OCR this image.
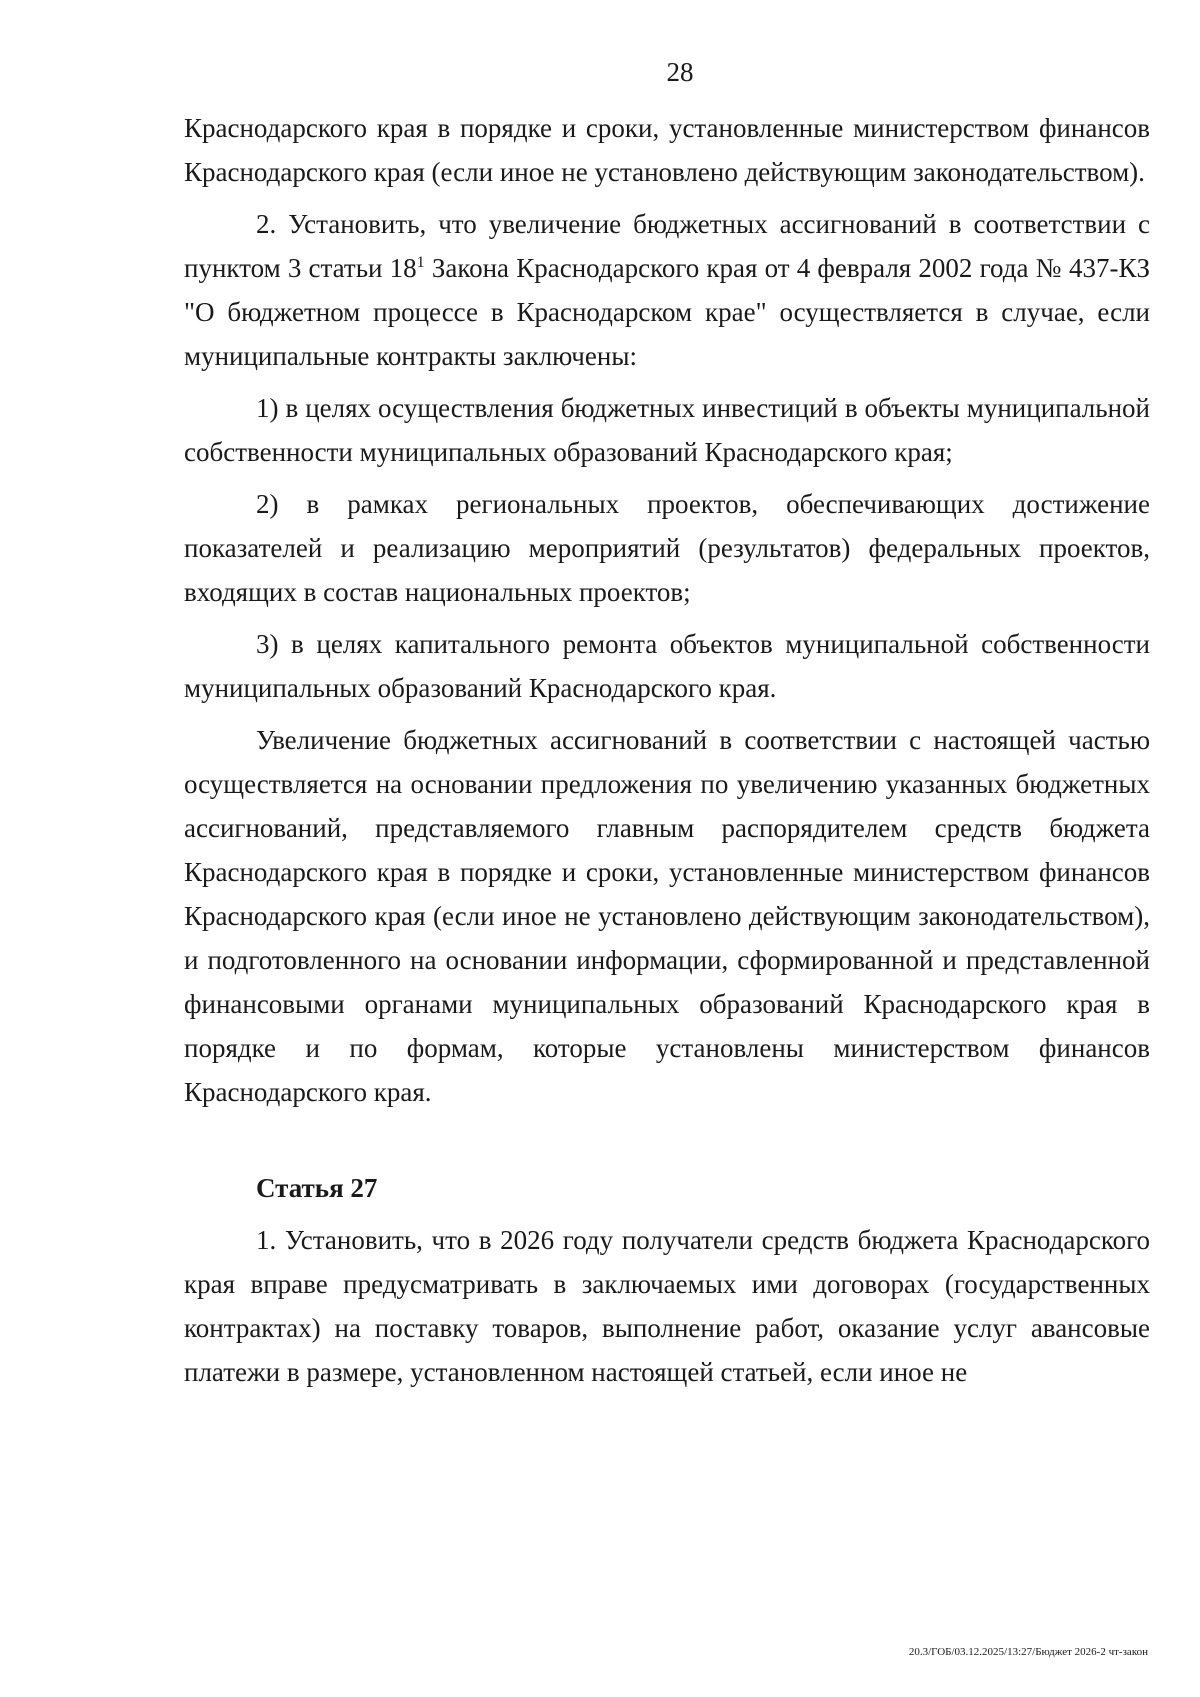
28

Краснодарского края в порядке и сроки, установленные министерством финансов Краснодарского края (если иное не установлено действующим законодательством).

2. Установить, что увеличение бюджетных ассигнований в соответствии с пунктом 3 статьи $18^1$ Закона Краснодарского края от 4 февраля 2002 года № 437-КЗ "О бюджетном процессе в Краснодарском крае" осуществляется в случае, если муниципальные контракты заключены:

1) в целях осуществления бюджетных инвестиций в объекты муниципальной собственности муниципальных образований Краснодарского края;

2) в рамках региональных проектов, обеспечивающих достижение показателей и реализацию мероприятий (результатов) федеральных проектов, входящих в состав национальных проектов;

3) в целях капитального ремонта объектов муниципальной собственности муниципальных образований Краснодарского края.

Увеличение бюджетных ассигнований в соответствии с настоящей частью осуществляется на основании предложения по увеличению указанных бюджетных ассигнований, представляемого главным распорядителем средств бюджета Краснодарского края в порядке и сроки, установленные министерством финансов Краснодарского края (если иное не установлено действующим законодательством), и подготовленного на основании информации, сформированной и представленной финансовыми органами муниципальных образований Краснодарского края в порядке и по формам, которые установлены министерством финансов Краснодарского края.

Статья 27

1. Установить, что в 2026 году получатели средств бюджета Краснодарского края вправе предусматривать в заключаемых ими договорах (государственных контрактах) на поставку товаров, выполнение работ, оказание услуг авансовые платежи в размере, установленном настоящей статьей, если иное не

20.3/ГОБ/03.12.2025/13:27/Бюджет 2026-2 чт-закон
